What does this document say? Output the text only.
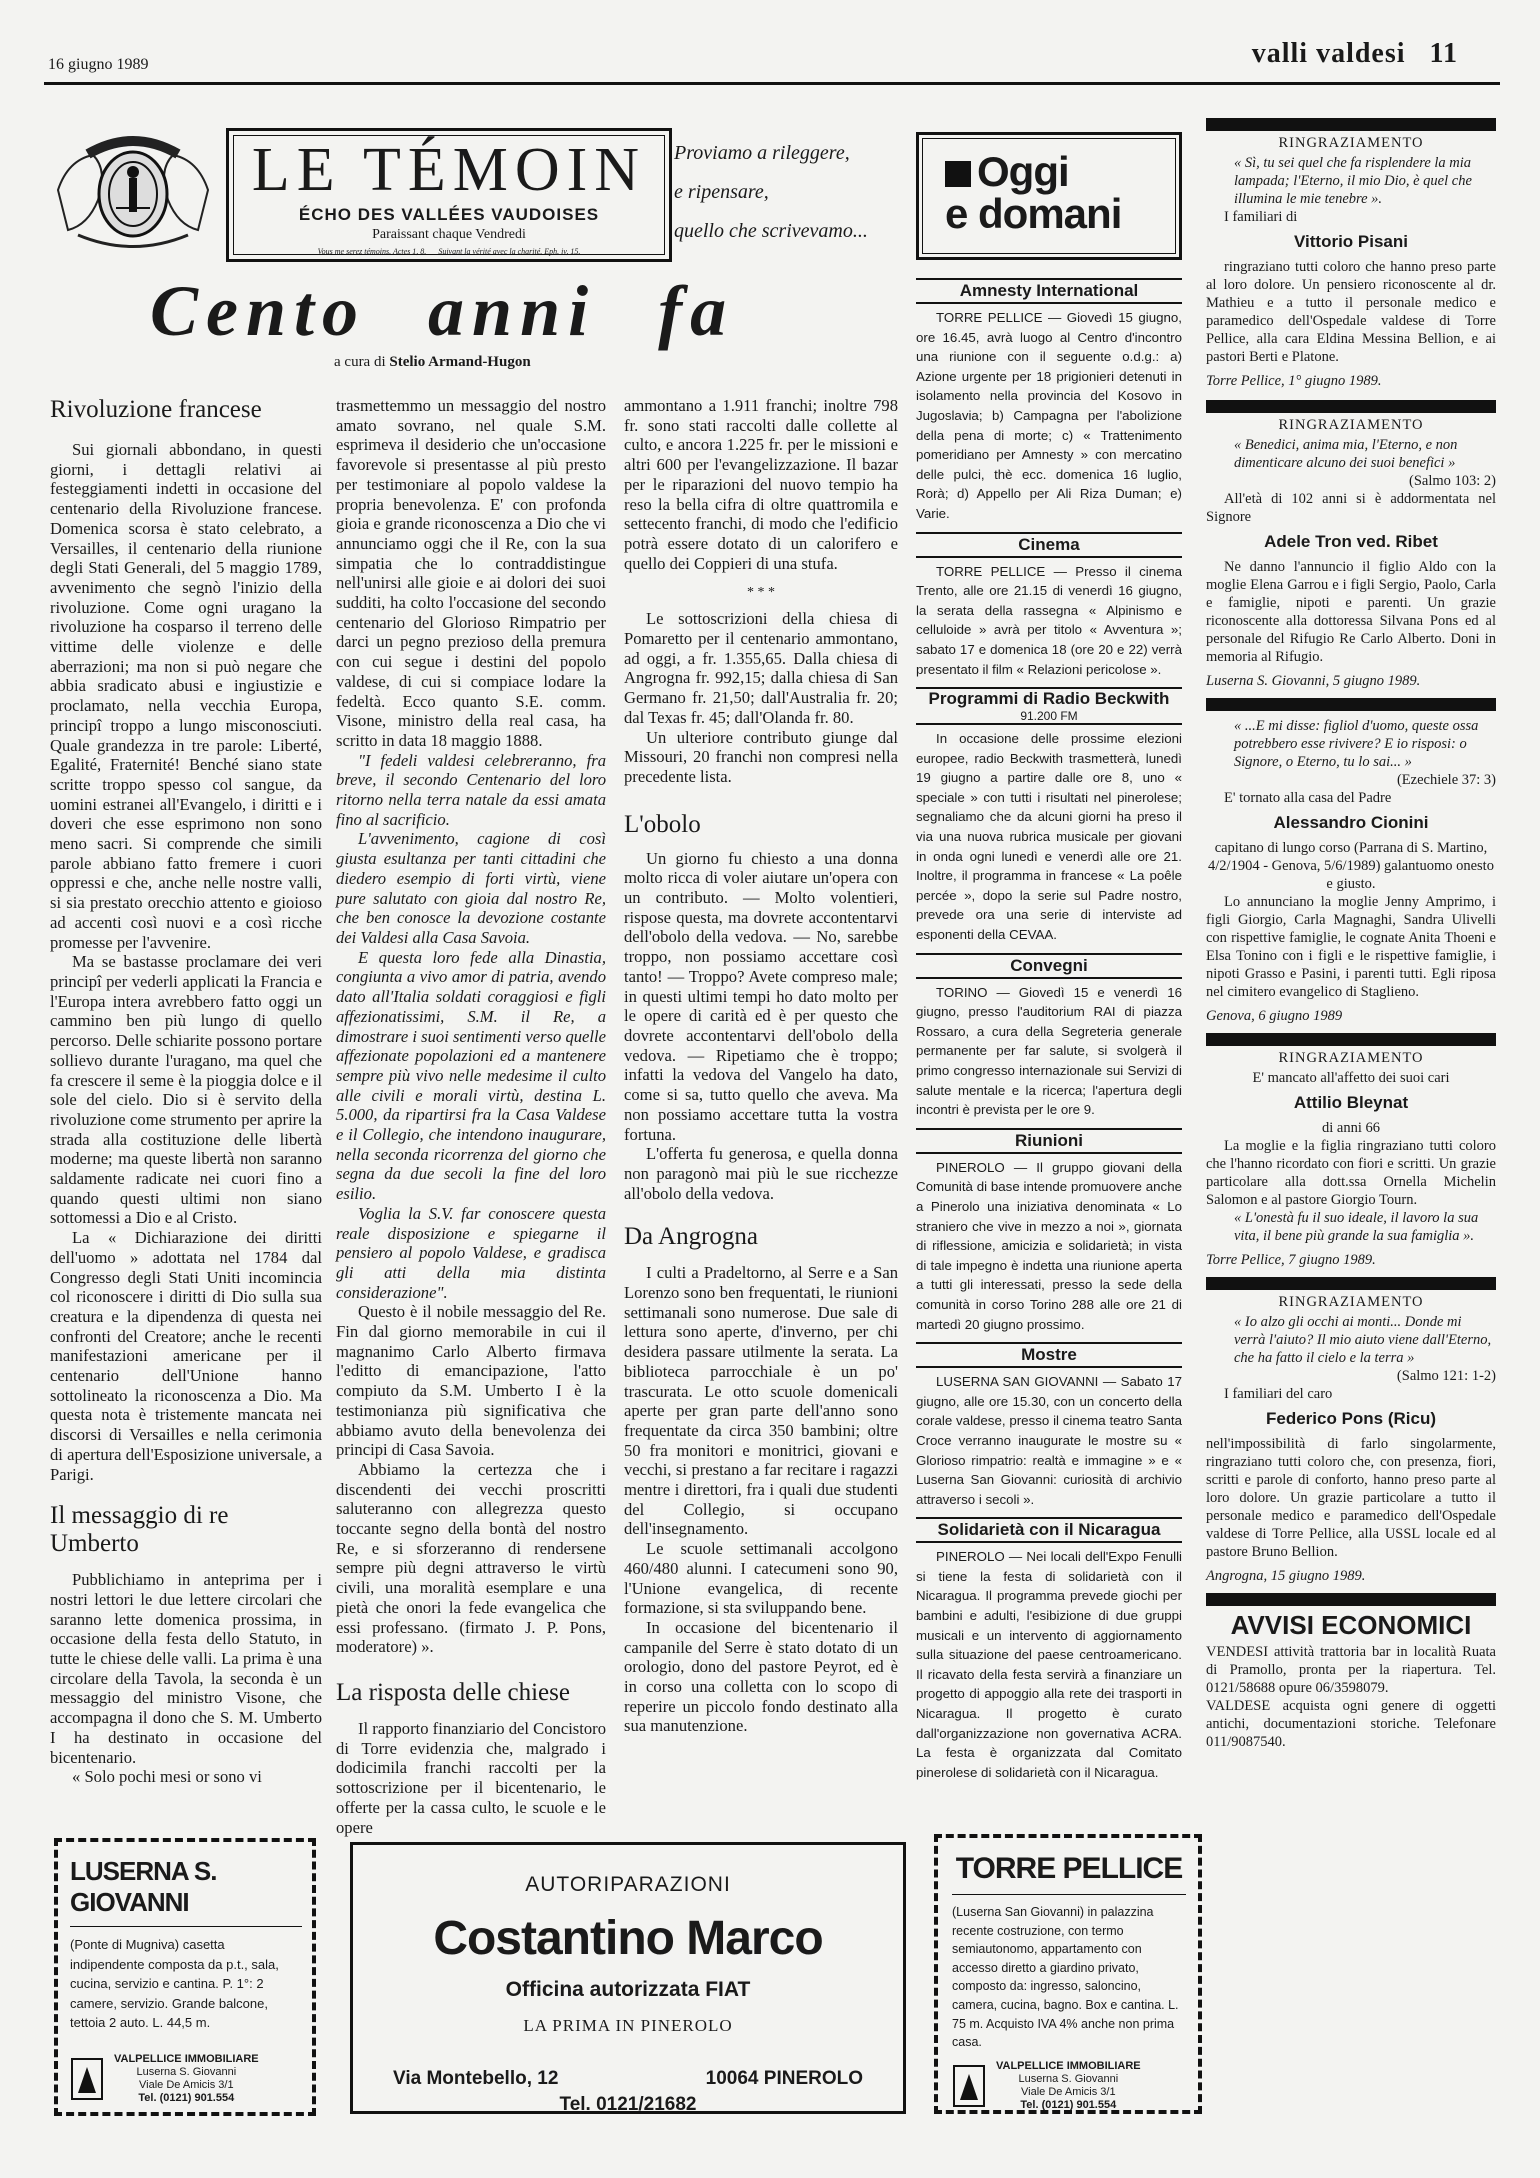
16 giugno 1989	valli valdesi 11
LE TÉMOIN
ÉCHO DES VALLÉES VAUDOISES
Paraissant chaque Vendredi
Vous me serez témoins. Actes 1, 8. Suivant la vérité avec la charité. Eph. iv, 15.
Proviamo a rileggere,
e ripensare,
quello che scrivevamo...
Cento anni fa
a cura di Stelio Armand-Hugon
Rivoluzione francese

Sui giornali abbondano, in questi giorni, i dettagli relativi ai festeggiamenti indetti in occasione del centenario della Rivoluzione francese. Domenica scorsa è stato celebrato, a Versailles, il centenario della riunione degli Stati Generali, del 5 maggio 1789, avvenimento che segnò l'inizio della rivoluzione. Come ogni uragano la rivoluzione ha cosparso il terreno delle vittime delle violenze e delle aberrazioni; ma non si può negare che abbia sradicato abusi e ingiustizie e proclamato, nella vecchia Europa, principî troppo a lungo misconosciuti. Quale grandezza in tre parole: Liberté, Egalité, Fraternité! Benché siano state scritte troppo spesso col sangue, da uomini estranei all'Evangelo, i diritti e i doveri che esse esprimono non sono meno sacri. Si comprende che simili parole abbiano fatto fremere i cuori oppressi e che, anche nelle nostre valli, si sia prestato orecchio attento e gioioso ad accenti così nuovi e a così ricche promesse per l'avvenire.

Ma se bastasse proclamare dei veri principî per vederli applicati la Francia e l'Europa intera avrebbero fatto oggi un cammino ben più lungo di quello percorso. Delle schiarite possono portare sollievo durante l'uragano, ma quel che fa crescere il seme è la pioggia dolce e il sole del cielo. Dio si è servito della rivoluzione come strumento per aprire la strada alla costituzione delle libertà moderne; ma queste libertà non saranno saldamente radicate nei cuori fino a quando questi ultimi non siano sottomessi a Dio e al Cristo.

La « Dichiarazione dei diritti dell'uomo » adottata nel 1784 dal Congresso degli Stati Uniti incomincia col riconoscere i diritti di Dio sulla sua creatura e la dipendenza di questa nei confronti del Creatore; anche le recenti manifestazioni americane per il centenario dell'Unione hanno sottolineato la riconoscenza a Dio. Ma questa nota è tristemente mancata nei discorsi di Versailles e nella cerimonia di apertura dell'Esposizione universale, a Parigi.

Il messaggio di re Umberto

Pubblichiamo in anteprima per i nostri lettori le due lettere circolari che saranno lette domenica prossima, in occasione della festa dello Statuto, in tutte le chiese delle valli. La prima è una circolare della Tavola, la seconda è un messaggio del ministro Visone, che accompagna il dono che S. M. Umberto I ha destinato in occasione del bicentenario.

« Solo pochi mesi or sono vi

trasmettemmo un messaggio del nostro amato sovrano, nel quale S.M. esprimeva il desiderio che un'occasione favorevole si presentasse al più presto per testimoniare al popolo valdese la propria benevolenza. E' con profonda gioia e grande riconoscenza a Dio che vi annunciamo oggi che il Re, con la sua simpatia che lo contraddistingue nell'unirsi alle gioie e ai dolori dei suoi sudditi, ha colto l'occasione del secondo centenario del Glorioso Rimpatrio per darci un pegno prezioso della premura con cui segue i destini del popolo valdese, di cui si compiace lodare la fedeltà. Ecco quanto S.E. comm. Visone, ministro della real casa, ha scritto in data 18 maggio 1888.

"I fedeli valdesi celebreranno, fra breve, il secondo Centenario del loro ritorno nella terra natale da essi amata fino al sacrificio.

L'avvenimento, cagione di così giusta esultanza per tanti cittadini che diedero esempio di forti virtù, viene pure salutato con gioia dal nostro Re, che ben conosce la devozione costante dei Valdesi alla Casa Savoia.

E questa loro fede alla Dinastia, congiunta a vivo amor di patria, avendo dato all'Italia soldati coraggiosi e figli affezionatissimi, S.M. il Re, a dimostrare i suoi sentimenti verso quelle affezionate popolazioni ed a mantenere sempre più vivo nelle medesime il culto alle civili e morali virtù, destina L. 5.000, da ripartirsi fra la Casa Valdese e il Collegio, che intendono inaugurare, nella seconda ricorrenza del giorno che segna da due secoli la fine del loro esilio.

Voglia la S.V. far conoscere questa reale disposizione e spiegarne il pensiero al popolo Valdese, e gradisca gli atti della mia distinta considerazione".

Questo è il nobile messaggio del Re. Fin dal giorno memorabile in cui il magnanimo Carlo Alberto firmava l'editto di emancipazione, l'atto compiuto da S.M. Umberto I è la testimonianza più significativa che abbiamo avuto della benevolenza dei principi di Casa Savoia.

Abbiamo la certezza che i discendenti dei vecchi proscritti saluteranno con allegrezza questo toccante segno della bontà del nostro Re, e si sforzeranno di rendersene sempre più degni attraverso le virtù civili, una moralità esemplare e una pietà che onori la fede evangelica che essi professano. (firmato J. P. Pons, moderatore) ».

La risposta delle chiese

Il rapporto finanziario del Concistoro di Torre evidenzia che, malgrado i dodicimila franchi raccolti per la sottoscrizione per il bicentenario, le offerte per la cassa culto, le scuole e le opere

ammontano a 1.911 franchi; inoltre 798 fr. sono stati raccolti dalle collette al culto, e ancora 1.225 fr. per le missioni e altri 600 per l'evangelizzazione. Il bazar per le riparazioni del nuovo tempio ha reso la bella cifra di oltre quattromila e settecento franchi, di modo che l'edificio potrà essere dotato di un calorifero e quello dei Coppieri di una stufa.

* * *

Le sottoscrizioni della chiesa di Pomaretto per il centenario ammontano, ad oggi, a fr. 1.355,65. Dalla chiesa di Angrogna fr. 992,15; dalla chiesa di San Germano fr. 21,50; dall'Australia fr. 20; dal Texas fr. 45; dall'Olanda fr. 80.

Un ulteriore contributo giunge dal Missouri, 20 franchi non compresi nella precedente lista.

L'obolo

Un giorno fu chiesto a una donna molto ricca di voler aiutare un'opera con un contributo. — Molto volentieri, rispose questa, ma dovrete accontentarvi dell'obolo della vedova. — No, sarebbe troppo, non possiamo accettare così tanto! — Troppo? Avete compreso male; in questi ultimi tempi ho dato molto per le opere di carità ed è per questo che dovrete accontentarvi dell'obolo della vedova. — Ripetiamo che è troppo; infatti la vedova del Vangelo ha dato, come si sa, tutto quello che aveva. Ma non possiamo accettare tutta la vostra fortuna.

L'offerta fu generosa, e quella donna non paragonò mai più le sue ricchezze all'obolo della vedova.

Da Angrogna

I culti a Pradeltorno, al Serre e a San Lorenzo sono ben frequentati, le riunioni settimanali sono numerose. Due sale di lettura sono aperte, d'inverno, per chi desidera passare utilmente la serata. La biblioteca parrocchiale è un po' trascurata. Le otto scuole domenicali aperte per gran parte dell'anno sono frequentate da circa 350 bambini; oltre 50 fra monitori e monitrici, giovani e vecchi, si prestano a far recitare i ragazzi mentre i direttori, fra i quali due studenti del Collegio, si occupano dell'insegnamento.

Le scuole settimanali accolgono 460/480 alunni. I catecumeni sono 90, l'Unione evangelica, di recente formazione, si sta sviluppando bene.

In occasione del bicentenario il campanile del Serre è stato dotato di un orologio, dono del pastore Peyrot, ed è in corso una colletta con lo scopo di reperire un piccolo fondo destinato alla sua manutenzione.

Oggi
e domani
Amnesty International

TORRE PELLICE — Giovedì 15 giugno, ore 16.45, avrà luogo al Centro d'incontro una riunione con il seguente o.d.g.: a) Azione urgente per 18 prigionieri detenuti in isolamento nella provincia del Kosovo in Jugoslavia; b) Campagna per l'abolizione della pena di morte; c) « Trattenimento pomeridiano per Amnesty » con mercatino delle pulci, thè ecc. domenica 16 luglio, Rorà; d) Appello per Ali Riza Duman; e) Varie.

Cinema

TORRE PELLICE — Presso il cinema Trento, alle ore 21.15 di venerdì 16 giugno, la serata della rassegna « Alpinismo e celluloide » avrà per titolo « Avventura »; sabato 17 e domenica 18 (ore 20 e 22) verrà presentato il film « Relazioni pericolose ».

Programmi di Radio Beckwith
91.200 FM

In occasione delle prossime elezioni europee, radio Beckwith trasmetterà, lunedì 19 giugno a partire dalle ore 8, uno « speciale » con tutti i risultati nel pinerolese; segnaliamo che da alcuni giorni ha preso il via una nuova rubrica musicale per giovani in onda ogni lunedì e venerdì alle ore 21. Inoltre, il programma in francese « La poêle percée », dopo la serie sul Padre nostro, prevede ora una serie di interviste ad esponenti della CEVAA.

Convegni

TORINO — Giovedì 15 e venerdì 16 giugno, presso l'auditorium RAI di piazza Rossaro, a cura della Segreteria generale permanente per far salute, si svolgerà il primo congresso internazionale sui Servizi di salute mentale e la ricerca; l'apertura degli incontri è prevista per le ore 9.

Riunioni

PINEROLO — Il gruppo giovani della Comunità di base intende promuovere anche a Pinerolo una iniziativa denominata « Lo straniero che vive in mezzo a noi », giornata di riflessione, amicizia e solidarietà; in vista di tale impegno è indetta una riunione aperta a tutti gli interessati, presso la sede della comunità in corso Torino 288 alle ore 21 di martedì 20 giugno prossimo.

Mostre

LUSERNA SAN GIOVANNI — Sabato 17 giugno, alle ore 15.30, con un concerto della corale valdese, presso il cinema teatro Santa Croce verranno inaugurate le mostre su « Glorioso rimpatrio: realtà e immagine » e « Luserna San Giovanni: curiosità di archivio attraverso i secoli ».

Solidarietà con il Nicaragua

PINEROLO — Nei locali dell'Expo Fenulli si tiene la festa di solidarietà con il Nicaragua. Il programma prevede giochi per bambini e adulti, l'esibizione di due gruppi musicali e un intervento di aggiornamento sulla situazione del paese centroamericano. Il ricavato della festa servirà a finanziare un progetto di appoggio alla rete dei trasporti in Nicaragua. Il progetto è curato dall'organizzazione non governativa ACRA. La festa è organizzata dal Comitato pinerolese di solidarietà con il Nicaragua.

RINGRAZIAMENTO

« Sì, tu sei quel che fa risplendere la mia lampada; l'Eterno, il mio Dio, è quel che illumina le mie tenebre ».

I familiari di

Vittorio Pisani

ringraziano tutti coloro che hanno preso parte al loro dolore. Un pensiero riconoscente al dr. Mathieu e a tutto il personale medico e paramedico dell'Ospedale valdese di Torre Pellice, alla cara Eldina Messina Bellion, e ai pastori Berti e Platone.

Torre Pellice, 1° giugno 1989.

RINGRAZIAMENTO

« Benedici, anima mia, l'Eterno, e non dimenticare alcuno dei suoi benefici »

(Salmo 103: 2)

All'età di 102 anni si è addormentata nel Signore

Adele Tron ved. Ribet

Ne danno l'annuncio il figlio Aldo con la moglie Elena Garrou e i figli Sergio, Paolo, Carla e famiglie, nipoti e parenti. Un grazie riconoscente alla dottoressa Silvana Pons ed al personale del Rifugio Re Carlo Alberto. Doni in memoria al Rifugio.

Luserna S. Giovanni, 5 giugno 1989.

« ...E mi disse: figliol d'uomo, queste ossa potrebbero esse rivivere? E io risposi: o Signore, o Eterno, tu lo sai... »

(Ezechiele 37: 3)

E' tornato alla casa del Padre

Alessandro Cionini

capitano di lungo corso (Parrana di S. Martino, 4/2/1904 - Genova, 5/6/1989) galantuomo onesto e giusto.

Lo annunciano la moglie Jenny Amprimo, i figli Giorgio, Carla Magnaghi, Sandra Ulivelli con rispettive famiglie, le cognate Anita Thoeni e Elsa Tonino con i figli e le rispettive famiglie, i nipoti Grasso e Pasini, i parenti tutti. Egli riposa nel cimitero evangelico di Staglieno.

Genova, 6 giugno 1989

RINGRAZIAMENTO

E' mancato all'affetto dei suoi cari

Attilio Bleynat

di anni 66

La moglie e la figlia ringraziano tutti coloro che l'hanno ricordato con fiori e scritti. Un grazie particolare alla dott.ssa Ornella Michelin Salomon e al pastore Giorgio Tourn.

« L'onestà fu il suo ideale, il lavoro la sua vita, il bene più grande la sua famiglia ».

Torre Pellice, 7 giugno 1989.

RINGRAZIAMENTO

« Io alzo gli occhi ai monti... Donde mi verrà l'aiuto? Il mio aiuto viene dall'Eterno, che ha fatto il cielo e la terra »

(Salmo 121: 1-2)

I familiari del caro

Federico Pons (Ricu)

nell'impossibilità di farlo singolarmente, ringraziano tutti coloro che, con presenza, fiori, scritti e parole di conforto, hanno preso parte al loro dolore. Un grazie particolare a tutto il personale medico e paramedico dell'Ospedale valdese di Torre Pellice, alla USSL locale ed al pastore Bruno Bellion.

Angrogna, 15 giugno 1989.

AVVISI ECONOMICI

VENDESI attività trattoria bar in località Ruata di Pramollo, pronta per la riapertura. Tel. 0121/58688 opure 06/3598079.

VALDESE acquista ogni genere di oggetti antichi, documentazioni storiche. Telefonare 011/9087540.

LUSERNA S. GIOVANNI
(Ponte di Mugniva) casetta indipendente composta da p.t., sala, cucina, servizio e cantina. P. 1°: 2 camere, servizio. Grande balcone, tettoia 2 auto. L. 44,5 m.
VALPELLICE IMMOBILIARE
Luserna S. Giovanni
Viale De Amicis 3/1
Tel. (0121) 901.554
AUTORIPARAZIONI
Costantino Marco
Officina autorizzata FIAT
LA PRIMA IN PINEROLO
Via Montebello, 12	10064 PINEROLO
Tel. 0121/21682
TORRE PELLICE
(Luserna San Giovanni) in palazzina recente costruzione, con termo semiautonomo, appartamento con accesso diretto a giardino privato, composto da: ingresso, saloncino, camera, cucina, bagno. Box e cantina. L. 75 m. Acquisto IVA 4% anche non prima casa.
VALPELLICE IMMOBILIARE
Luserna S. Giovanni
Viale De Amicis 3/1
Tel. (0121) 901.554
